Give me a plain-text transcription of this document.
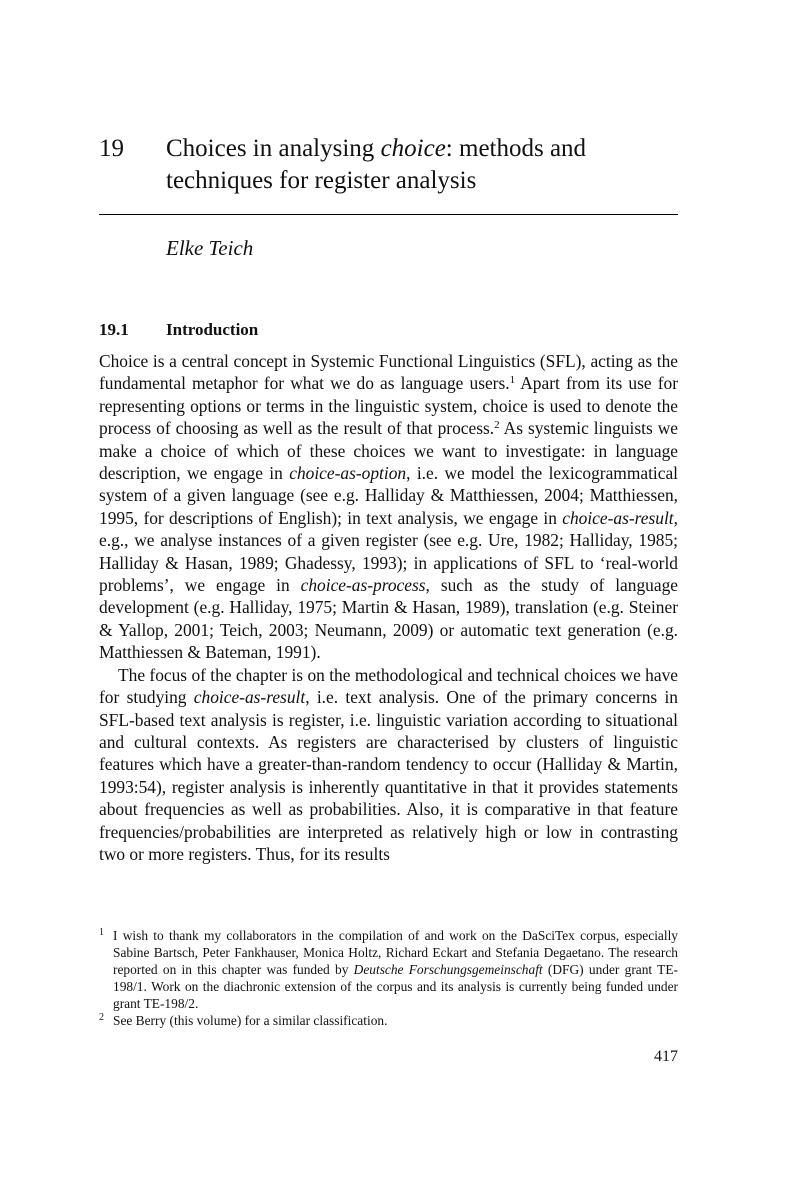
19 Choices in analysing choice: methods and techniques for register analysis
Elke Teich
19.1 Introduction

Choice is a central concept in Systemic Functional Linguistics (SFL), acting as the fundamental metaphor for what we do as language users.$^1$ Apart from its use for representing options or terms in the linguistic system, choice is used to denote the process of choosing as well as the result of that process.$^2$ As systemic linguists we make a choice of which of these choices we want to investigate: in language description, we engage in choice-as-option, i.e. we model the lexicogrammatical system of a given language (see e.g. Halliday & Matthiessen, 2004; Matthiessen, 1995, for descriptions of English); in text analysis, we engage in choice-as-result, e.g., we analyse instances of a given register (see e.g. Ure, 1982; Halliday, 1985; Halliday & Hasan, 1989; Ghadessy, 1993); in applications of SFL to ‘real-world problems’, we engage in choice-as-process, such as the study of language development (e.g. Halliday, 1975; Martin & Hasan, 1989), translation (e.g. Steiner & Yallop, 2001; Teich, 2003; Neumann, 2009) or automatic text generation (e.g. Matthiessen & Bateman, 1991).

The focus of the chapter is on the methodological and technical choices we have for studying choice-as-result, i.e. text analysis. One of the primary concerns in SFL-based text analysis is register, i.e. linguistic variation according to situational and cultural contexts. As registers are characterised by clusters of linguistic features which have a greater-than-random tendency to occur (Halliday & Martin, 1993:54), register analysis is inherently quantitative in that it provides statements about frequencies as well as probabilities. Also, it is comparative in that feature frequencies/probabilities are interpreted as relatively high or low in contrasting two or more registers. Thus, for its results

1 I wish to thank my collaborators in the compilation of and work on the DaSciTex corpus, especially Sabine Bartsch, Peter Fankhauser, Monica Holtz, Richard Eckart and Stefania Degaetano. The research reported on in this chapter was funded by Deutsche Forschungsgemeinschaft (DFG) under grant TE-198/1. Work on the diachronic extension of the corpus and its analysis is currently being funded under grant TE-198/2.
2 See Berry (this volume) for a similar classification.
417
